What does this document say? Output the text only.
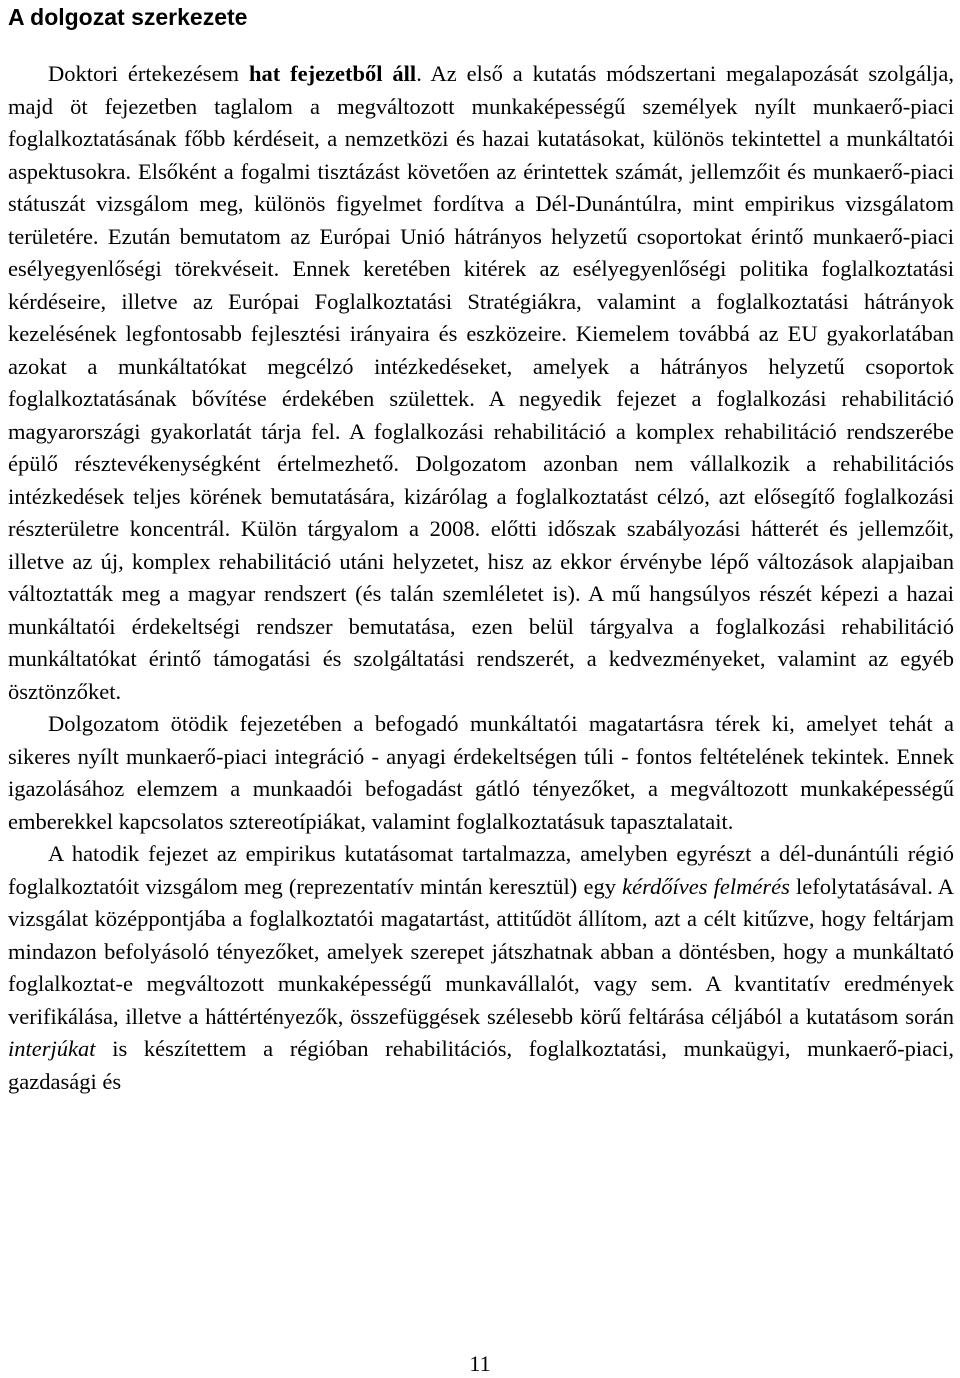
A dolgozat szerkezete

Doktori értekezésem hat fejezetből áll. Az első a kutatás módszertani megalapozását szolgálja, majd öt fejezetben taglalom a megváltozott munkaképességű személyek nyílt munkaerő-piaci foglalkoztatásának főbb kérdéseit, a nemzetközi és hazai kutatásokat, különös tekintettel a munkáltatói aspektusokra. Elsőként a fogalmi tisztázást követően az érintettek számát, jellemzőit és munkaerő-piaci státuszát vizsgálom meg, különös figyelmet fordítva a Dél-Dunántúlra, mint empirikus vizsgálatom területére. Ezután bemutatom az Európai Unió hátrányos helyzetű csoportokat érintő munkaerő-piaci esélyegyenlőségi törekvéseit. Ennek keretében kitérek az esélyegyenlőségi politika foglalkoztatási kérdéseire, illetve az Európai Foglalkoztatási Stratégiákra, valamint a foglalkoztatási hátrányok kezelésének legfontosabb fejlesztési irányaira és eszközeire. Kiemelem továbbá az EU gyakorlatában azokat a munkáltatókat megcélzó intézkedéseket, amelyek a hátrányos helyzetű csoportok foglalkoztatásának bővítése érdekében születtek. A negyedik fejezet a foglalkozási rehabilitáció magyarországi gyakorlatát tárja fel. A foglalkozási rehabilitáció a komplex rehabilitáció rendszerébe épülő résztevékenységként értelmezhető. Dolgozatom azonban nem vállalkozik a rehabilitációs intézkedések teljes körének bemutatására, kizárólag a foglalkoztatást célzó, azt elősegítő foglalkozási részterületre koncentrál. Külön tárgyalom a 2008. előtti időszak szabályozási hátterét és jellemzőit, illetve az új, komplex rehabilitáció utáni helyzetet, hisz az ekkor érvénybe lépő változások alapjaiban változtatták meg a magyar rendszert (és talán szemléletet is). A mű hangsúlyos részét képezi a hazai munkáltatói érdekeltségi rendszer bemutatása, ezen belül tárgyalva a foglalkozási rehabilitáció munkáltatókat érintő támogatási és szolgáltatási rendszerét, a kedvezményeket, valamint az egyéb ösztönzőket.

Dolgozatom ötödik fejezetében a befogadó munkáltatói magatartásra térek ki, amelyet tehát a sikeres nyílt munkaerő-piaci integráció - anyagi érdekeltségen túli - fontos feltételének tekintek. Ennek igazolásához elemzem a munkaadói befogadást gátló tényezőket, a megváltozott munkaképességű emberekkel kapcsolatos sztereotípiákat, valamint foglalkoztatásuk tapasztalatait.

A hatodik fejezet az empirikus kutatásomat tartalmazza, amelyben egyrészt a dél-dunántúli régió foglalkoztatóit vizsgálom meg (reprezentatív mintán keresztül) egy kérdőíves felmérés lefolytatásával. A vizsgálat középpontjába a foglalkoztatói magatartást, attitűdöt állítom, azt a célt kitűzve, hogy feltárjam mindazon befolyásoló tényezőket, amelyek szerepet játszhatnak abban a döntésben, hogy a munkáltató foglalkoztat-e megváltozott munkaképességű munkavállalót, vagy sem. A kvantitatív eredmények verifikálása, illetve a háttértényezők, összefüggések szélesebb körű feltárása céljából a kutatásom során interjúkat is készítettem a régióban rehabilitációs, foglalkoztatási, munkaügyi, munkaerő-piaci, gazdasági és

11
